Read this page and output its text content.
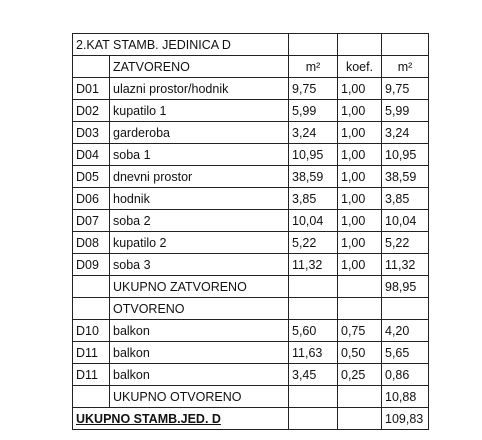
2.KAT STAMB. JEDINICA D				
	ZATVORENO	m²	koef.	m²
D01	ulazni prostor/hodnik	9,75	1,00	9,75
D02	kupatilo 1	5,99	1,00	5,99
D03	garderoba	3,24	1,00	3,24
D04	soba 1	10,95	1,00	10,95
D05	dnevni prostor	38,59	1,00	38,59
D06	hodnik	3,85	1,00	3,85
D07	soba 2	10,04	1,00	10,04
D08	kupatilo 2	5,22	1,00	5,22
D09	soba 3	11,32	1,00	11,32
	UKUPNO ZATVORENO			98,95
	OTVORENO			
D10	balkon	5,60	0,75	4,20
D11	balkon	11,63	0,50	5,65
D11	balkon	3,45	0,25	0,86
	UKUPNO OTVORENO			10,88
UKUPNO STAMB.JED. D				109,83
